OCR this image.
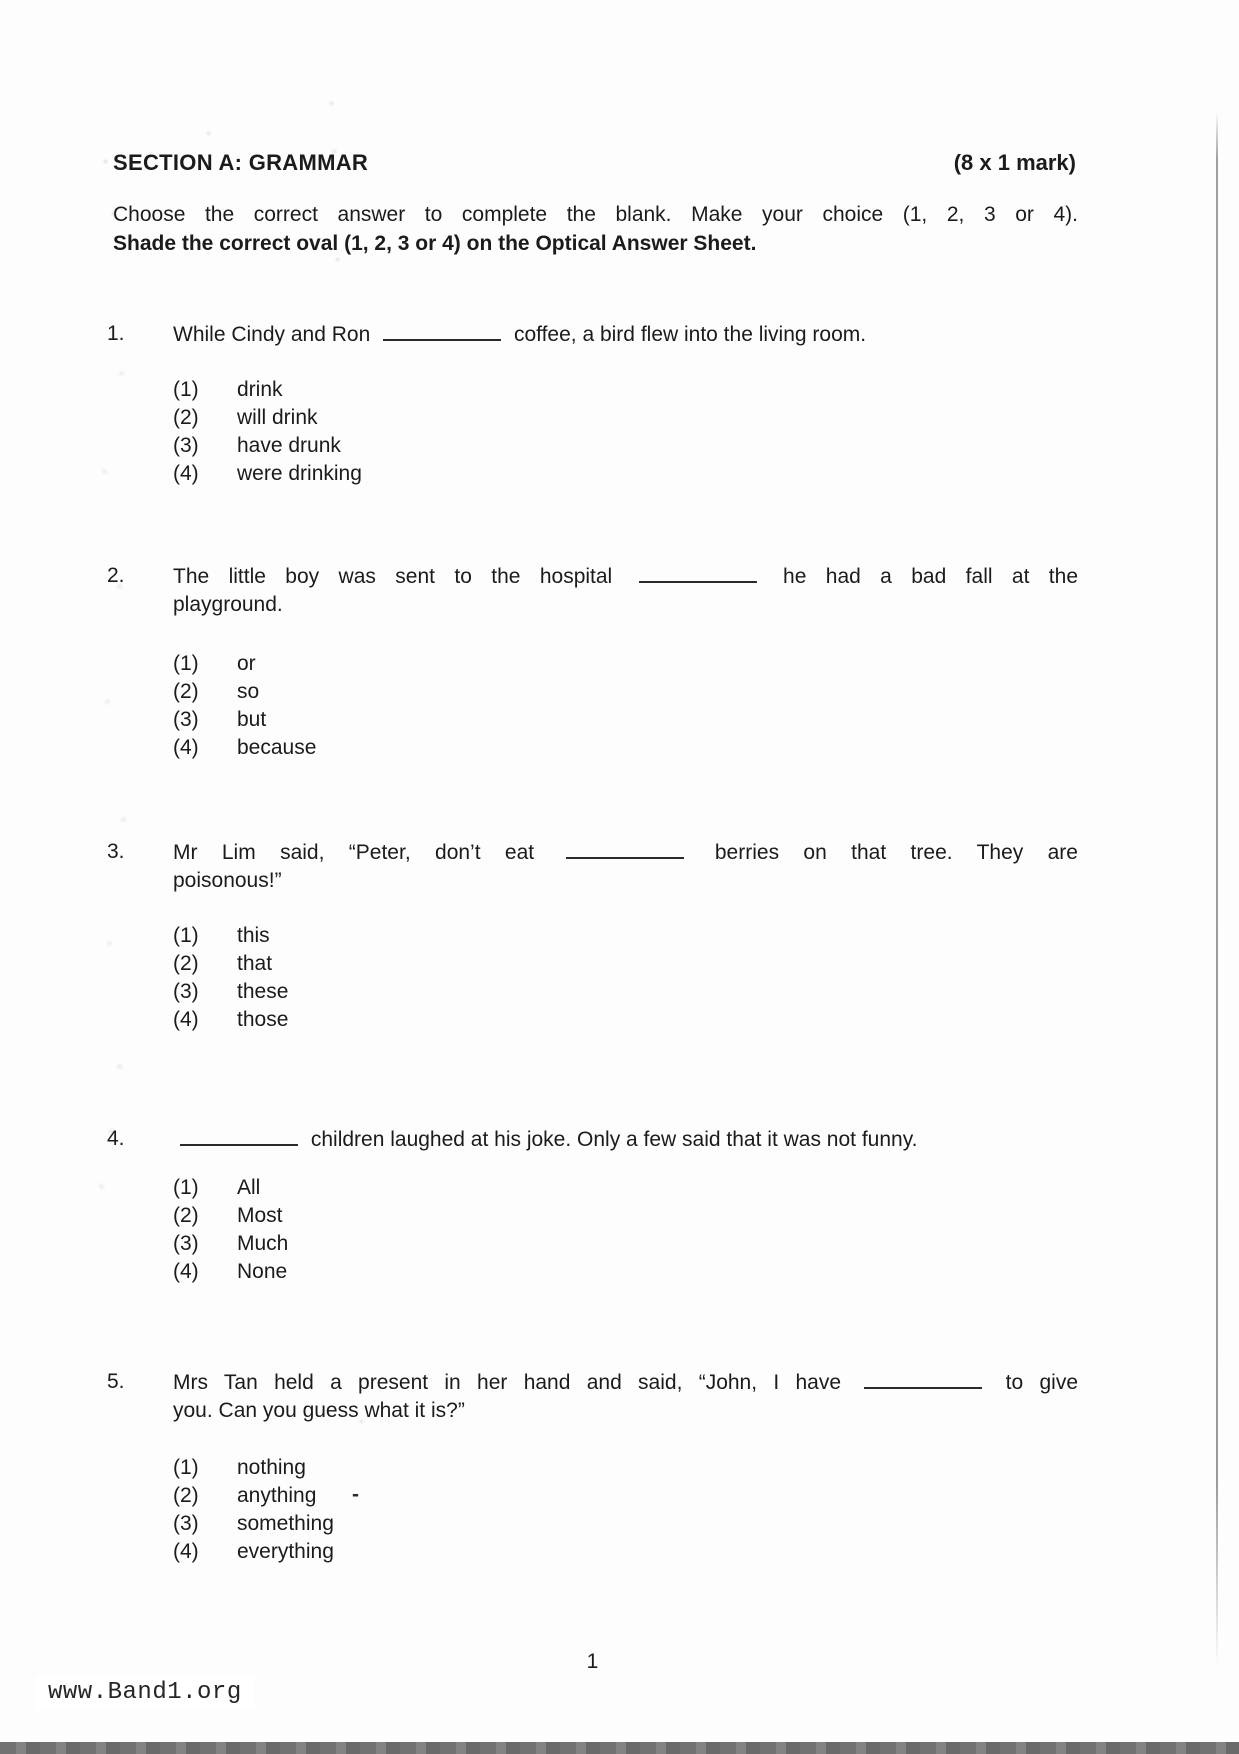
SECTION A: GRAMMAR	(8 x 1 mark)
Choose the correct answer to complete the blank. Make your choice (1, 2, 3 or 4).
Shade the correct oval (1, 2, 3 or 4) on the Optical Answer Sheet.
1.	While Cindy and Ron	coffee, a bird flew into the living room.
(1)	drink
(2)	will drink
(3)	have drunk
(4)	were drinking
2.	The little boy was sent to the hospital	he had a bad fall at the
playground.
(1)	or
(2)	so
(3)	but
(4)	because
3.	Mr Lim said, “Peter, don’t eat	berries on that tree. They are
poisonous!”
(1)	this
(2)	that
(3)	these
(4)	those
4.	children laughed at his joke. Only a few said that it was not funny.
(1)	All
(2)	Most
(3)	Much
(4)	None
5.	Mrs Tan held a present in her hand and said, “John, I have	to give
you. Can you guess what it is?”
(1)	nothing
(2)	anything
(3)	something
(4)	everything
1
www.Band1.org
-
